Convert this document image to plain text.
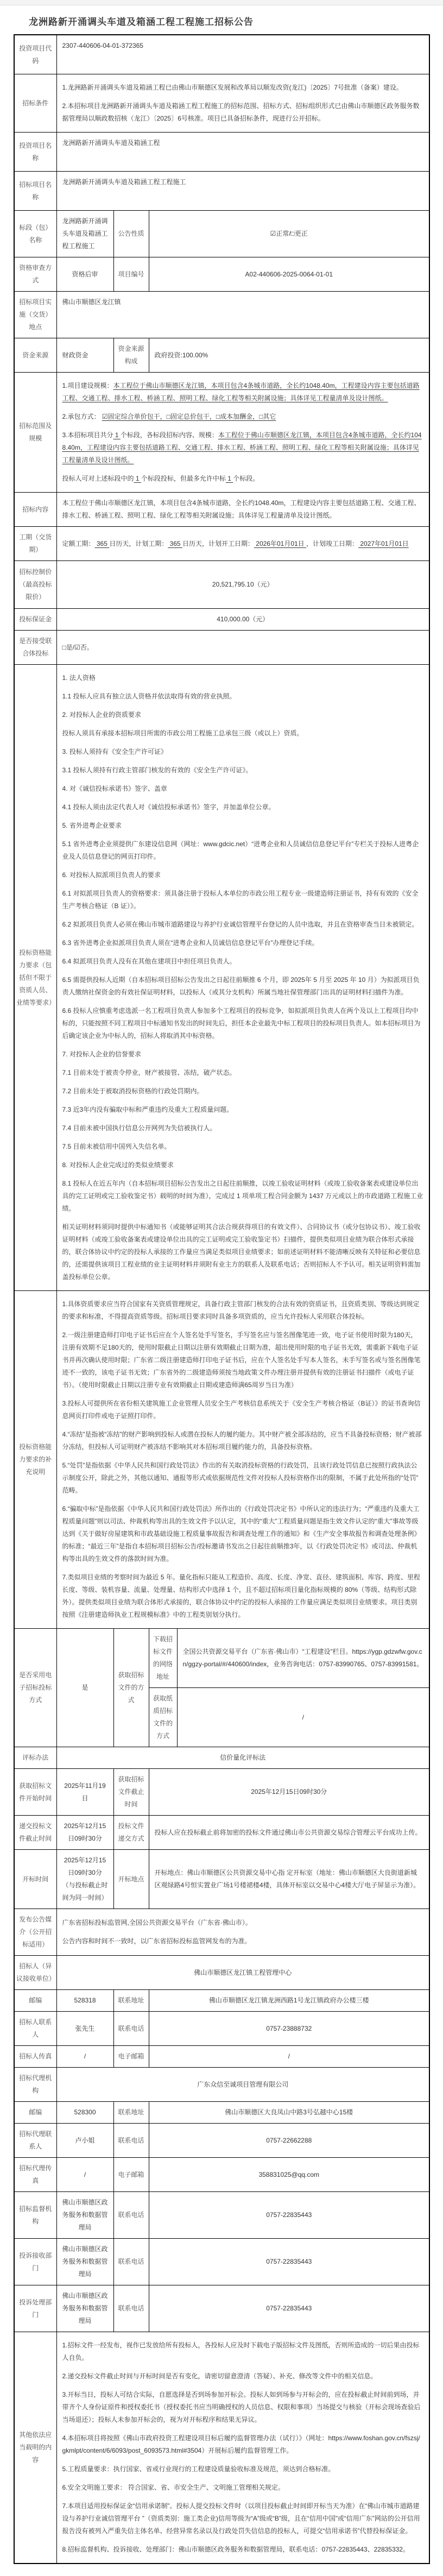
龙洲路新开涌调头车道及箱涵工程工程施工招标公告
投资项目代码	2307-440606-04-01-372365			
招标条件	1.龙洲路新开涌调头车道及箱涵工程已由佛山市顺德区发展和改革局以顺发改资(龙江)〔2025〕7号批准（备案）建设。

2.本招标项目龙洲路新开涌调头车道及箱涵工程工程施工的招标范围、招标方式、招标组织形式已由佛山市顺德区政务服务数据管理局以顺政数招核（龙江）〔2025〕6号核准。项目已具备招标条件，现进行公开招标。			

投资项目名称	龙洲路新开涌调头车道及箱涵工程			
招标项目名称	龙洲路新开涌调头车道及箱涵工程工程施工			
标段（包）名称	龙洲路新开涌调头车道及箱涵工程工程施工	公告性质	☑正常/□更正	
资格审查方式	资格后审	项目编号	A02-440606-2025-0064-01-01	
招标项目实施（交货）地点	佛山市顺德区龙江镇			
资金来源	财政资金	资金来源构成	政府投资:100.00%	
招标范围及规模	1.项目建设规模：本工程位于佛山市顺德区龙江镇，本项目包含4条城市道路，全长约1048.40m，工程建设内容主要包括道路工程、交通工程、排水工程、桥涵工程、照明工程、绿化工程等相关附属设施；具体详见工程量清单及设计图纸。

2.承包方式： ☑固定综合单价包干，□固定总价包干，□成本加酬金，□其它

3.本招标项目共分 1 个标段，各标段招标内容、规模：本工程位于佛山市顺德区龙江镇，本项目包含4条城市道路，全长约1048.40m，工程建设内容主要包括道路工程、交通工程、排水工程、桥涵工程、照明工程、绿化工程等相关附属设施；具体详见工程量清单及设计图纸。

投标人可对上述标段中的 1 个标段投标，但最多允许中标 1 个标段。			

招标内容	本工程位于佛山市顺德区龙江镇，本项目包含4条城市道路，全长约1048.40m，工程建设内容主要包括道路工程、交通工程、排水工程、桥涵工程、照明工程、绿化工程等相关附属设施；具体详见工程量清单及设计图纸。			
工期（交货期）	定额工期： 365 日历天，计划工期： 365 日历天，计划开工日期： 2026年01月01日 ，计划竣工日期： 2027年01月01日			
招标控制价（最高投标限价）	20,521,795.10（元）			
投标保证金	410,000.00（元）			
是否接受联合体投标	□是/☑否。			
投标资格能力要求（包括但不限于资质人员、业绩等要求）	

1. 法人资格

1.1 投标人应具有独立法人资格并依法取得有效的营业执照。

2. 对投标人企业的资质要求

投标人须具有承接本招标项目所需的市政公用工程施工总承包三级（或以上）资质。

3. 投标人须持有《安全生产许可证》

3.1 投标人须持有行政主管部门核发的有效的《安全生产许可证》。

4. 对《诚信投标承诺书》签字、盖章

4.1 投标人须由法定代表人对《诚信投标承诺书》签字，并加盖单位公章。

5. 省外进粤企业要求

5.1 省外进粤企业须提供广东建设信息网（网址：www.gdcic.net）“进粤企业和人员诚信信息登记平台”专栏关于投标人进粤企业及人员信息登记的网页打印件。

6. 对投标人拟派项目负责人的要求

6.1 对拟派项目负责人的资格要求：须具备注册于投标人本单位的市政公用工程专业一级建造师注册证书，持有有效的《安全生产考核合格证（B 证）》。

6.2 拟派项目负责人必须在佛山市城市道路建设与养护行业诚信管理平台登记的人员中选取，并且在资格审查当日未被锁定。

6.3 省外进粤企业拟派项目负责人须在“进粤企业和人员诚信信息登记平台”办理登记手续。

6.4 拟派项目负责人没有在其他在建项目中担任项目负责人。

6.5 需提供投标人近期（自本招标项目招标公告发出之日起往前顺推 6 个月，即 2025年 5 月至 2025 年 10 月）为拟派项目负责人缴纳社保资金的有效社保证明材料，以投标人（或其分支机构）所属当地社保管理部门出具的证明材料扫描件为准。

6.6 投标人应慎重考虑选派一名工程项目负责人参加多个工程项目的投标竞争，如拟派项目负责人在两个及以上工程项目均中标的，只能按照不同工程项目中标通知书发出的时间先后，担任本企业最先中标工程项目的投标项目负责人。如本招标项目为后确定该企业为中标人的，招标人将取消其中标资格。

7. 对投标人企业的信誉要求

7.1 目前未处于被责令停业，财产被接管、冻结，破产状态。

7.2 目前未处于被取消投标资格的行政处罚期内。

7.3 近3年内没有骗取中标和严重违约及重大工程质量问题。

7.4 目前未被中国执行信息公开网列为失信被执行人。

7.5 目前未被信用中国列入失信名单。

8. 对投标人企业完成过的类似业绩要求

8.1 投标人在近五年内（自本招标项目招标公告发出之日起往前顺推，以竣工验收证明材料（或竣工验收备案表或建设单位出具的完工证明或完工验收鉴定书）载明的时间为准），完成过 1 项单项工程合同金额为 1437 万元或以上的市政道路工程施工业绩。

相关证明材料须同时提供中标通知书（或能够证明其合法合规获得项目的有效文件）、合同协议书（或分包协议书）、竣工验收证明材料（或竣工验收备案表或建设单位出具的完工证明或完工验收鉴定书）扫描件，提供类似项目业绩为联合体形式承接的，联合体协议中约定的投标人承接的工作量应当满足类似项目业绩要求；如前述证明材料不能清晰反映有关特征和必要信息的，还需提供该项目工程业绩的业主证明材料并须附有业主方的联系人及联系电话；否则招标人不予认可。相关证明资料需加盖投标单位公章。

投标资格能力要求的补充说明	

1.具体资质要求应当符合国家有关资质管理规定，具备行政主管部门核发的合法有效的资质证书，且资质类别、等级达到规定的要求和标准，不得提高资质等级。招标项目要求同时具备多项资质的，应当允许投标人采用联合体投标。

2.一级注册建造师打印电子证书后应在个人签名处手写签名，手写签名应与签名图像笔迹一致，电子证书使用时限为180天，注册有效期不足180天的，使用时限截止日期以注册有效期截止日期为准，超出使用时限的电子证书无效，需重新下载电子证书并再次确认使用时限；广东省二级注册建造师打印电子证书后，应在个人签名处手写本人签名，未手写签名或与签名图像笔迹不一致的，该电子证书无效；广东省外的二级建造师须按当地政策文件办理注册并提供有效的注册证书扫描件（或电子证书）。（使用时限截止日期以注册专业有效期截止日期或建造师满65周岁当日为准）

3.投标人可提供所在省份相关建筑施工企业管理人员安全生产考核信息系统关于《安全生产考核合格证（B证）》的证书查询信息网页打印件或电子证照打印件。

4.“冻结”是指被“冻结”的财产影响到投标人或潜在投标人的履约能力。其中财产被全部冻结的，应当不具备投标资格；财产被部分冻结，但投标人可证明财产被冻结不影响其对本招标项目履约能力的，具备投标资格。

5.“处罚”是指依据《中华人民共和国行政处罚法》作出的有关取消投标资格的行政处罚，且该行政处罚信息已按照行政执法公示制度公开，除此之外，其他以通知、通报等形式或依据规范性文件对投标人投标资格作出的限制，不属于此处所指的“处罚”范畴。

6.“骗取中标”是指依据《中华人民共和国行政处罚法》所作出的《行政处罚决定书》中所认定的违法行为；“严重违约及重大工程质量问题”则以司法、仲裁机构等出具的生效文件予以认定，其中的“重大”工程质量问题是指生效文件认定的“重大”事故等级达到《关于做好房屋建筑和市政基础设施工程质量事故报告和调查处理工作的通知》和《生产安全事故报告和调查处理条例》的标准；“最近三年”是指自本招标项目招标公告/投标邀请书发出之日起往前顺推3年，以《行政处罚决定书》或司法、仲裁机构等出具的生效文件的落款时间为准。

7.类似项目业绩的考察时间为最近 5 年。量化指标只能从工程造价、高度、长度、净宽、直径、建筑面积、库容、跨度、里程长度、等级、装机容量、流量、处理量、结构形式中选择 1 个，且不超过招标项目量化指标规模的 80%（等级、结构形式除外）。提供类似项目业绩为联合体形式承接的，联合体协议中约定的投标人承接的工作量应满足类似项目业绩要求。项目类别按照《注册建造师执业工程规模标准》中的工程类别划分执行。

是否采用电子招标投标方式	是	获取招标文件的方式	下载招标文件的网络地址	全国公共资源交易平台（广东省·佛山市）“工程建设”栏目。https://ygp.gdzwfw.gov.cn/ggzy-portal/#/440600/index，业务咨询电话：0757-83990765、0757-83991581。
			获取纸质招标文件的方式	/
评标办法	信价量化评标法			
获取招标文件开始时间	2025年11月19日	获取招标文件截止时间	2025年12月15日09时30分	
递交投标文件截止时间	2025年12月15日09时30分	投标文件递交方式	投标人应在投标截止前将加密的投标文件通过佛山市公共资源交易综合管理云平台成功上传。	
开标时间	2025年12月15日09时30分（与投标截止时间为同一时间）	开标地点	开标地点：佛山市顺德区公共资源交易中心指 定开标室（地址：佛山市顺德区大良街道新城 区观绿路4号恒实置业广场1号楼裙楼4楼，具体开标室以交易中心4楼大厅电子屏显示为准）。	
发布公告媒介（公开招标适用）	广东省招标投标监管网,全国公共资源交易平台（广东省·佛山市）。

公告内容和时间不一致时，以广东省招标投标监管网发布的为准。			

招标人（异议接收单位）	佛山市顺德区龙江镇工程管理中心			
邮编	528318	联系地址	佛山市顺德区龙江镇龙洲西路1号龙江镇政府办公楼三楼	
招标人联系人	张先生	联系电话	0757-23888732	
招标人传真	/	电子邮箱	/	
招标代理机构	广东众信至诚项目管理有限公司			
邮编	528300	联系地址	佛山市顺德区大良凤山中路3号弘越中心15楼	
招标代理联系人	卢小姐	联系电话	0757-22662288	
招标代理传真	/	电子邮箱	358831025@qq.com	
招标监督机构	佛山市顺德区政务服务和数据管理局	联系电话	0757-22835443	
投诉接收部门	佛山市顺德区政务服务和数据管理局	联系电话	0757-22835443	
投诉处理部门	佛山市顺德区政务服务和数据管理局	联系电话	0757-22835443	
其他依法应当载明的内容	

1.招标文件一经发布，视作已发放给所有投标人，各投标人应及时下载电子版招标文件及图纸，否则所造成的一切后果由投标人自负。

2.递交投标文件截止时间与开标时间是否有变化，请密切留意澄清（答疑）、补充、修改等文件中的相关信息。

3.开标当日，投标人可结合实际，自愿选择是否到场参加开标会。投标人如到场参与开标会的，应在投标截止时间前到场，并带齐个人身份证原件和授权委托书（授权委托书应当明确授权的人员信息、权限和事项）当场提交与核验（开标会现场查验后当场退还）；投标人未参加开标会的，视为对开标程序和结果无异议。

4.本招标项目将按照《佛山市政府投资工程建设项目标后履约监督管理办法（试行）》（网址：https://www.foshan.gov.cn/fszsj/gkmlpt/content/6/6093/post_6093573.html#3504）开展标后履约监督管理工作。

5.工程质量要求：执行国家、省或行业现行的工程建设质量验收标准及规范，须达到合格标准。

6.安全文明施工要求： 符合国家、省、市安全生产、文明施工管理相关规定。

7.本项目适用投标保证金“信用承诺制”。投标人提交投标文件时（以项目投标截止时间即开标当天为准）在“佛山市城市道路建设与养护行业诚信管理平台 ”（资质类别：施工类企业)信用等级为“A”级或“B”级，且在“信用中国”或“信用广东”网站的公开信用报告没有被列入严重失信主体名单、经营异常名录以及行政处罚失信信息的投标人，可提交“信用承诺书”代替投标保证金。

8.招标监督机构、投诉接收、处理部门：佛山市顺德区政务服务和数据管理局，联系电话：0757-22835443、22835332。
